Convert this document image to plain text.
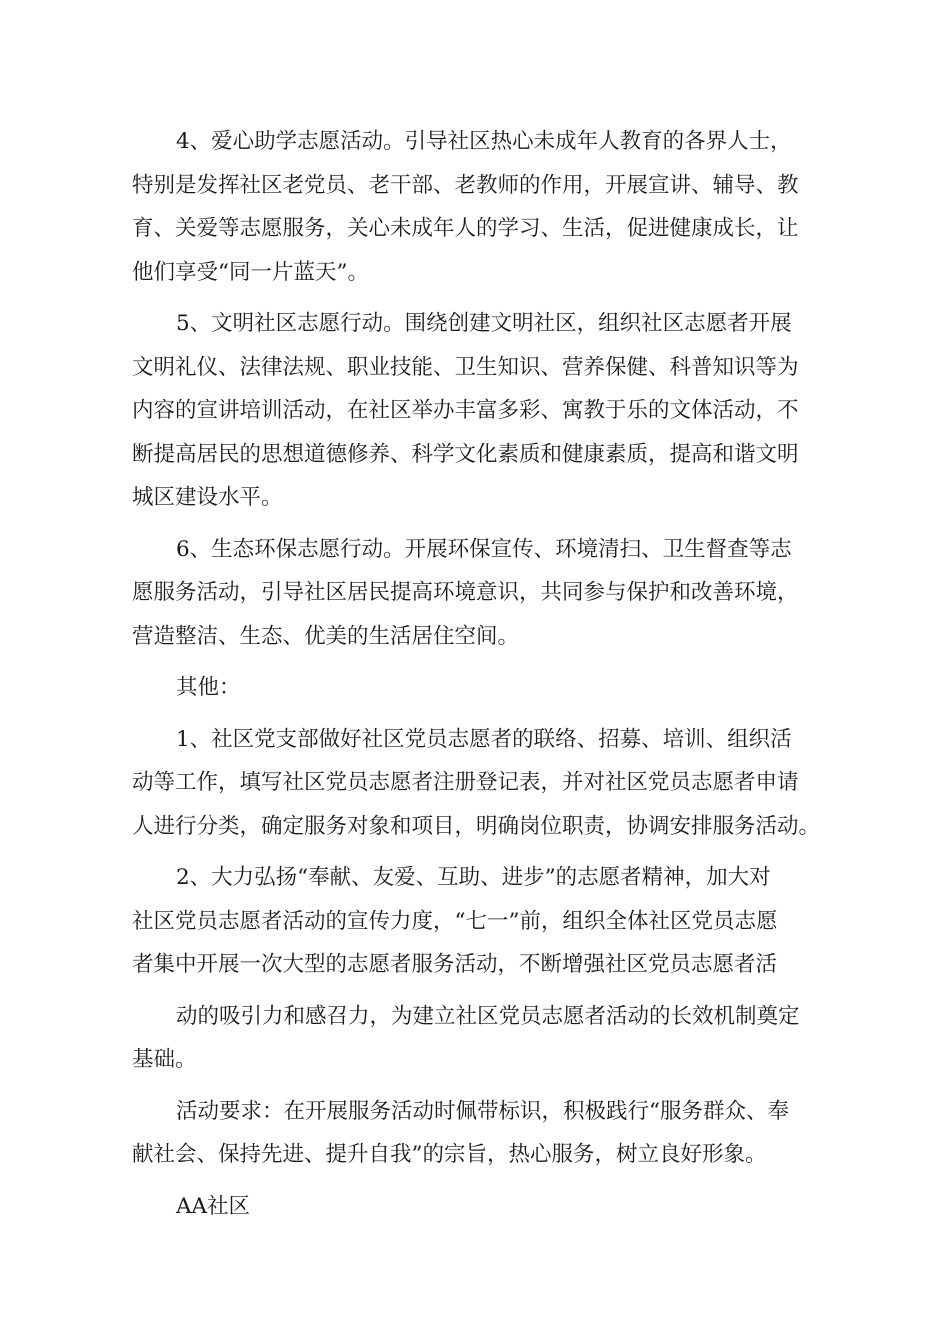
4、爱心助学志愿活动。引导社区热心未成年人教育的各界人士，
特别是发挥社区老党员、老干部、老教师的作用，开展宣讲、辅导、教
育、关爱等志愿服务，关心未成年人的学习、生活，促进健康成长，让
他们享受“同一片蓝天”。
5、文明社区志愿行动。围绕创建文明社区，组织社区志愿者开展
文明礼仪、法律法规、职业技能、卫生知识、营养保健、科普知识等为
内容的宣讲培训活动，在社区举办丰富多彩、寓教于乐的文体活动，不
断提高居民的思想道德修养、科学文化素质和健康素质，提高和谐文明
城区建设水平。
6、生态环保志愿行动。开展环保宣传、环境清扫、卫生督查等志
愿服务活动，引导社区居民提高环境意识，共同参与保护和改善环境，
营造整洁、生态、优美的生活居住空间。
其他：
1、社区党支部做好社区党员志愿者的联络、招募、培训、组织活
动等工作，填写社区党员志愿者注册登记表，并对社区党员志愿者申请
人进行分类，确定服务对象和项目，明确岗位职责，协调安排服务活动。
2、大力弘扬“奉献、友爱、互助、进步”的志愿者精神，加大对
社区党员志愿者活动的宣传力度，“七一”前，组织全体社区党员志愿
者集中开展一次大型的志愿者服务活动，不断增强社区党员志愿者活
动的吸引力和感召力，为建立社区党员志愿者活动的长效机制奠定
基础。
活动要求：在开展服务活动时佩带标识，积极践行“服务群众、奉
献社会、保持先进、提升自我”的宗旨，热心服务，树立良好形象。
AA社区
